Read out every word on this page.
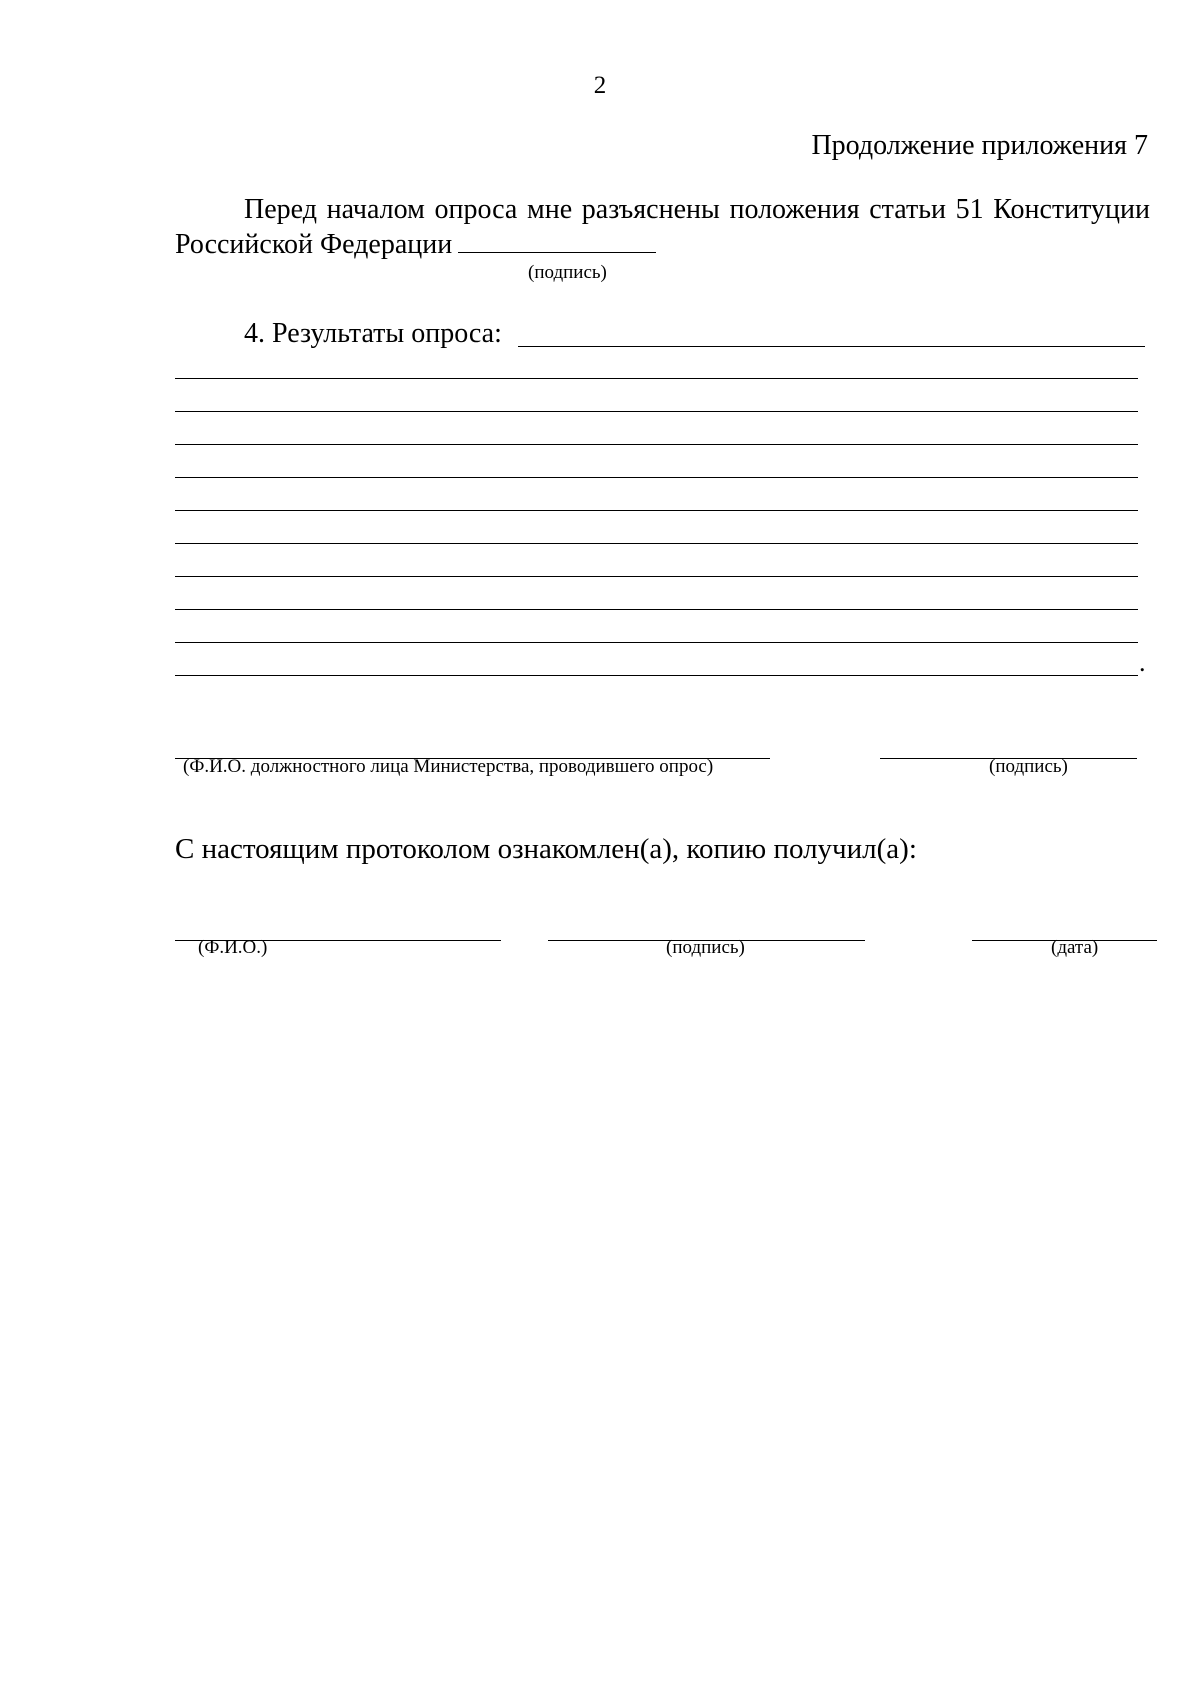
2
Продолжение приложения 7
Перед началом опроса мне разъяснены положения статьи 51 Конституции Российской Федерации
(подпись)
4. Результаты опроса:
.
(Ф.И.О. должностного лица Министерства, проводившего опрос)	(подпись)
С настоящим протоколом ознакомлен(а), копию получил(а):
(Ф.И.О.)	(подпись)	(дата)
